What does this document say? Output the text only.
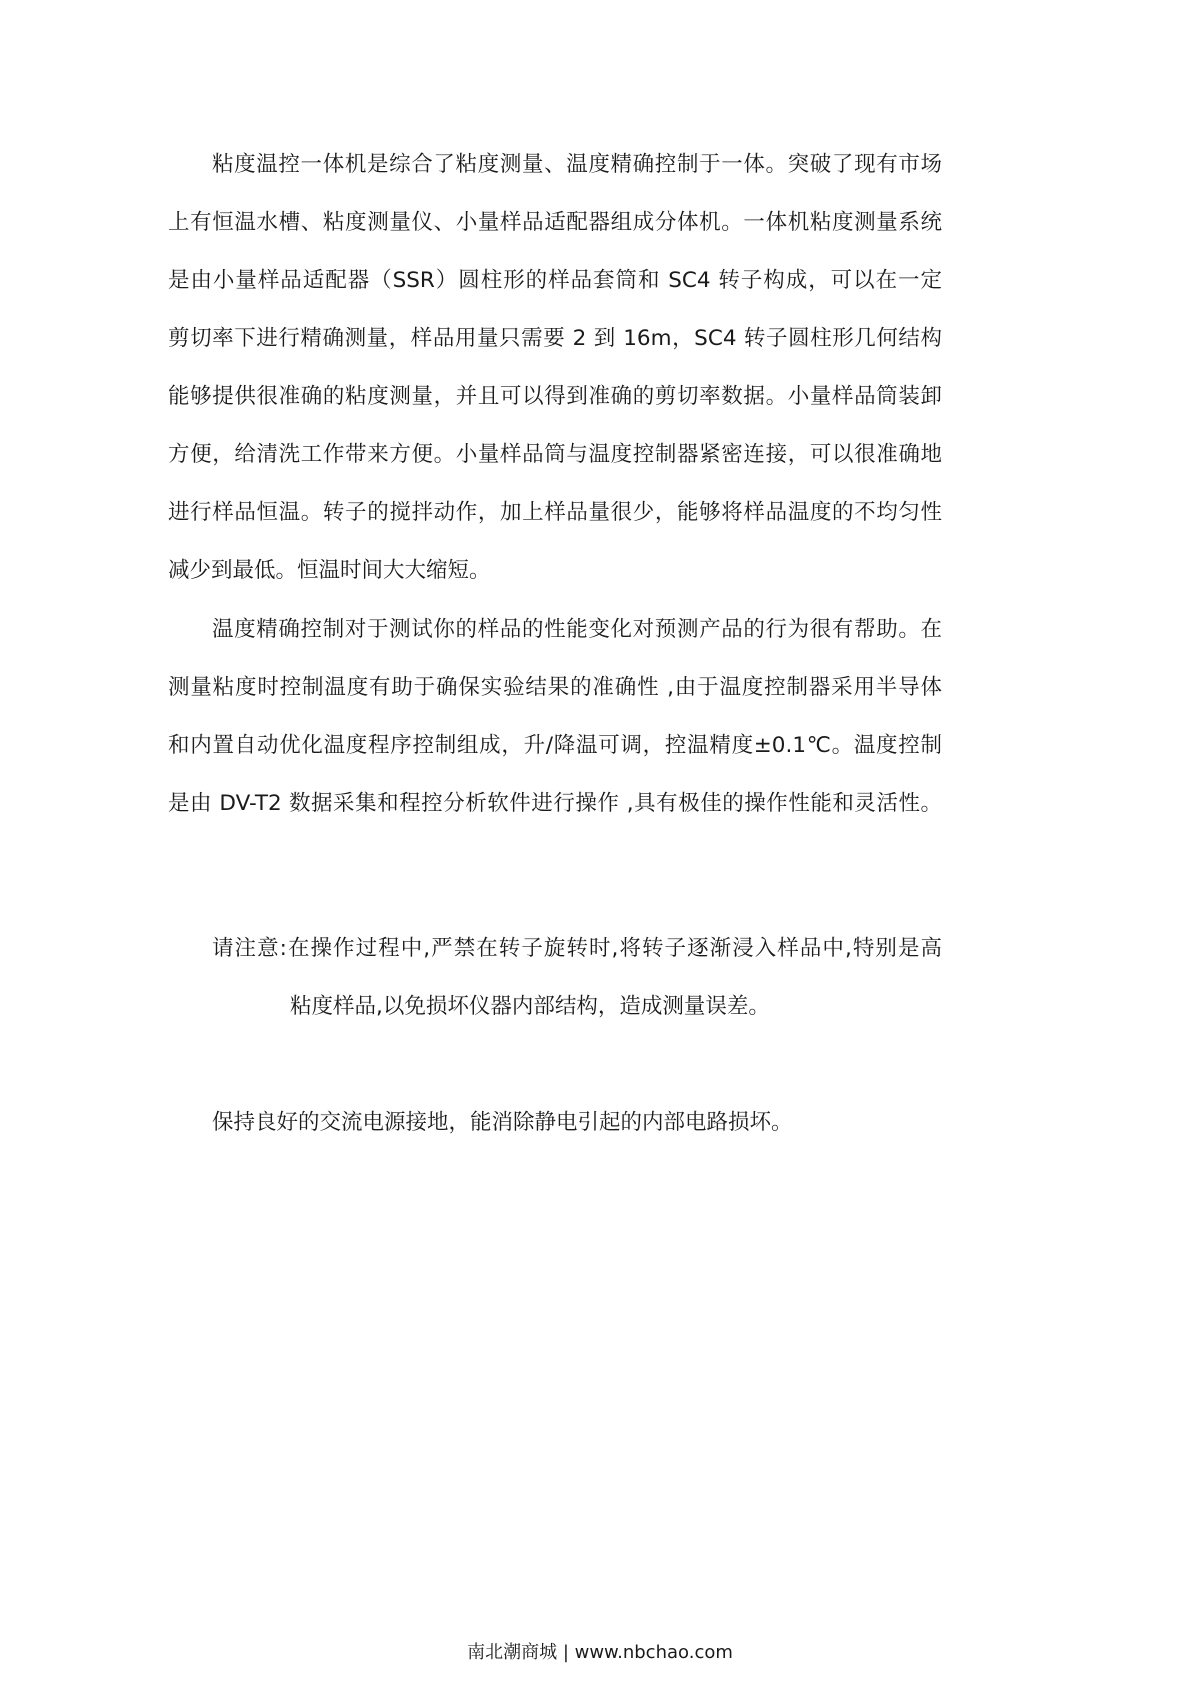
粘度温控一体机是综合了粘度测量、温度精确控制于一体。突破了现有市场
上有恒温水槽、粘度测量仪、小量样品适配器组成分体机。一体机粘度测量系统
是由小量样品适配器（SSR）圆柱形的样品套筒和 SC4 转子构成，可以在一定
剪切率下进行精确测量，样品用量只需要 2 到 16m，SC4 转子圆柱形几何结构
能够提供很准确的粘度测量，并且可以得到准确的剪切率数据。小量样品筒装卸
方便，给清洗工作带来方便。小量样品筒与温度控制器紧密连接，可以很准确地
进行样品恒温。转子的搅拌动作，加上样品量很少，能够将样品温度的不均匀性
减少到最低。恒温时间大大缩短。
温度精确控制对于测试你的样品的性能变化对预测产品的行为很有帮助。在
测量粘度时控制温度有助于确保实验结果的准确性 ,由于温度控制器采用半导体
和内置自动优化温度程序控制组成，升/降温可调，控温精度±0.1℃。温度控制
是由 DV-T2 数据采集和程控分析软件进行操作 ,具有极佳的操作性能和灵活性。
请注意:在操作过程中,严禁在转子旋转时,将转子逐渐浸入样品中,特别是高
粘度样品,以免损坏仪器内部结构，造成测量误差。
保持良好的交流电源接地，能消除静电引起的内部电路损坏。
南北潮商城 | www.nbchao.com
